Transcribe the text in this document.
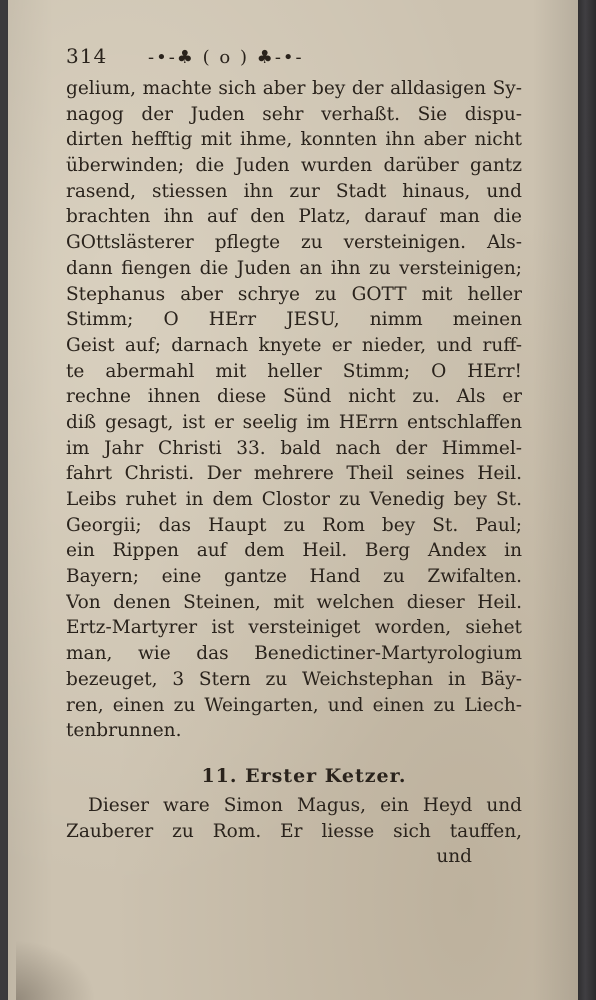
314	-•-♣ ( o ) ♣-•-
gelium, machte sich aber bey der alldasigen Sy-
nagog der Juden sehr verhaßt. Sie dispu-
dirten hefftig mit ihme, konnten ihn aber nicht
überwinden; die Juden wurden darüber gantz
rasend, stiessen ihn zur Stadt hinaus, und
brachten ihn auf den Platz, darauf man die
GOttslästerer pflegte zu versteinigen. Als-
dann fiengen die Juden an ihn zu versteinigen;
Stephanus aber schrye zu GOTT mit heller
Stimm; O HErr JESU, nimm meinen
Geist auf; darnach knyete er nieder, und ruff-
te abermahl mit heller Stimm; O HErr!
rechne ihnen diese Sünd nicht zu. Als er
diß gesagt, ist er seelig im HErrn entschlaffen
im Jahr Christi 33. bald nach der Himmel-
fahrt Christi. Der mehrere Theil seines Heil.
Leibs ruhet in dem Clostor zu Venedig bey St.
Georgii; das Haupt zu Rom bey St. Paul;
ein Rippen auf dem Heil. Berg Andex in
Bayern; eine gantze Hand zu Zwifalten.
Von denen Steinen, mit welchen dieser Heil.
Ertz-Martyrer ist versteiniget worden, siehet
man, wie das Benedictiner-Martyrologium
bezeuget, 3 Stern zu Weichstephan in Bäy-
ren, einen zu Weingarten, und einen zu Liech-
tenbrunnen.
11. Erster Ketzer.
Dieser ware Simon Magus, ein Heyd und
Zauberer zu Rom. Er liesse sich tauffen,
und
